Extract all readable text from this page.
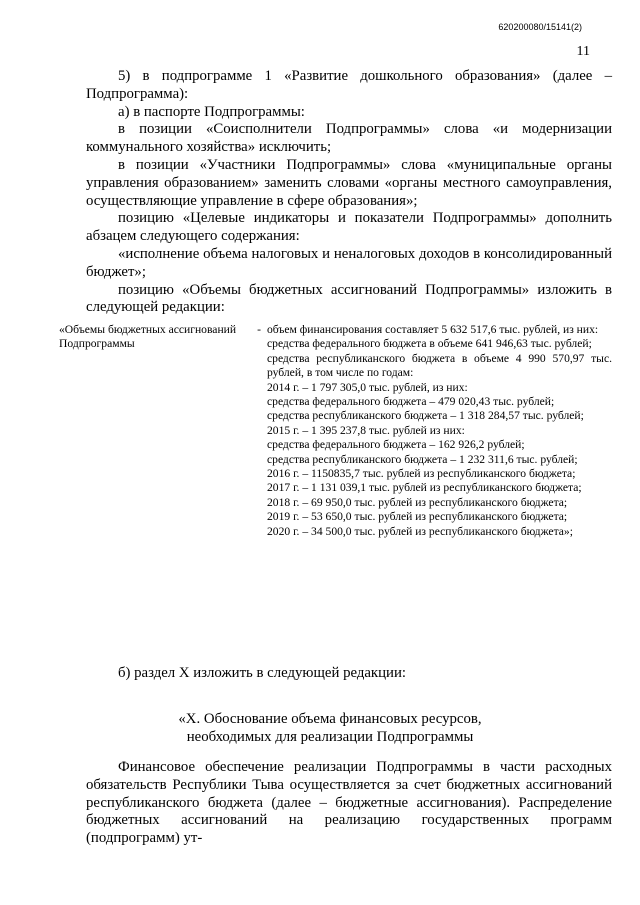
620200080/15141(2)
11

5) в подпрограмме 1 «Развитие дошкольного образования» (далее – Подпрограмма):

а) в паспорте Подпрограммы:

в позиции «Соисполнители Подпрограммы» слова «и модернизации коммунального хозяйства» исключить;

в позиции «Участники Подпрограммы» слова «муниципальные органы управления образованием» заменить словами «органы местного самоуправления, осуществляющие управление в сфере образования»;

позицию «Целевые индикаторы и показатели Подпрограммы» дополнить абзацем следующего содержания:

«исполнение объема налоговых и неналоговых доходов в консолидированный бюджет»;

позицию «Объемы бюджетных ассигнований Подпрограммы» изложить в следующей редакции:

«Объемы бюджетных ассигнований Подпрограммы
- объем финансирования составляет 5 632 517,6 тыс. рублей, из них:
средства федерального бюджета в объеме 641 946,63 тыс. рублей;
средства республиканского бюджета в объеме 4 990 570,97 тыс. рублей, в том числе по годам:
2014 г. – 1 797 305,0 тыс. рублей, из них:
средства федерального бюджета – 479 020,43 тыс. рублей;
средства республиканского бюджета – 1 318 284,57 тыс. рублей;
2015 г. – 1 395 237,8 тыс. рублей из них:
средства федерального бюджета – 162 926,2 рублей;
средства республиканского бюджета – 1 232 311,6 тыс. рублей;
2016 г. – 1150835,7 тыс. рублей из республиканского бюджета;
2017 г. – 1 131 039,1 тыс. рублей из республиканского бюджета;
2018 г. – 69 950,0 тыс. рублей из республиканского бюджета;
2019 г. – 53 650,0 тыс. рублей из республиканского бюджета;
2020 г. – 34 500,0 тыс. рублей из республиканского бюджета»;
б) раздел X изложить в следующей редакции:
«X. Обоснование объема финансовых ресурсов,
необходимых для реализации Подпрограммы

Финансовое обеспечение реализации Подпрограммы в части расходных обязательств Республики Тыва осуществляется за счет бюджетных ассигнований республиканского бюджета (далее – бюджетные ассигнования). Распределение бюджетных ассигнований на реализацию государственных программ (подпрограмм) ут-
